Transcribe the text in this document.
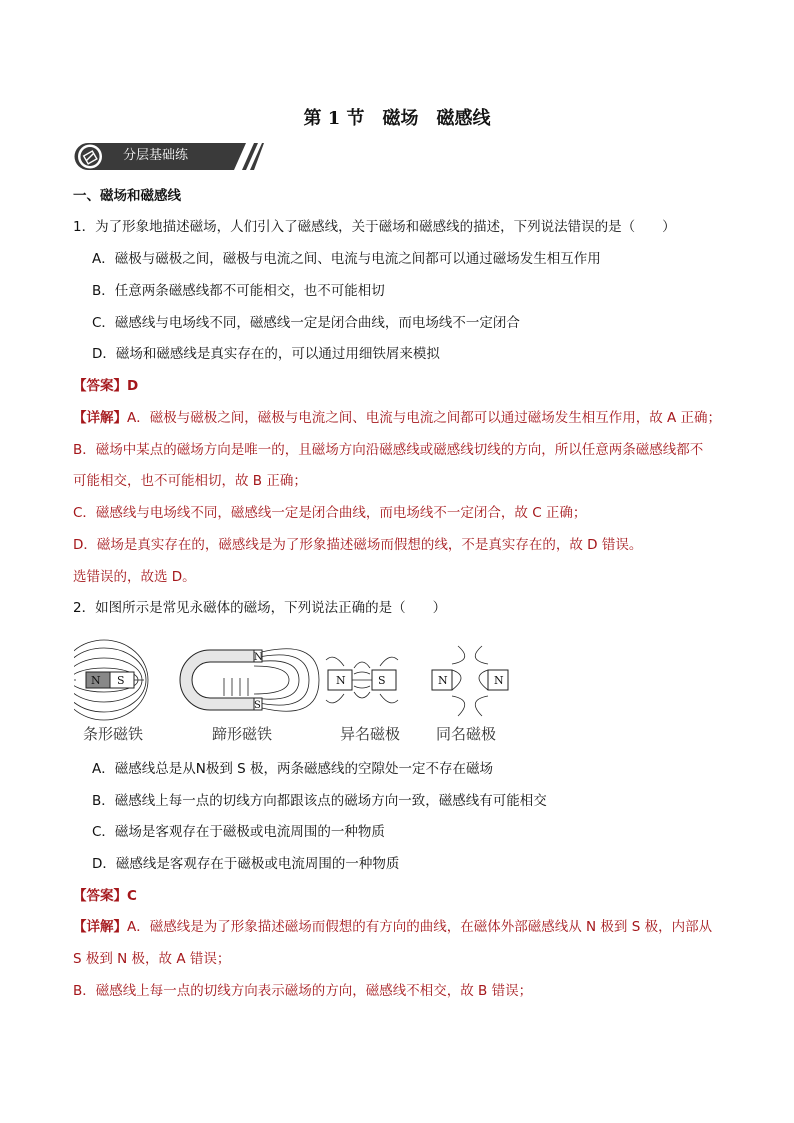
第 1 节　磁场　磁感线
分层基础练
一、磁场和磁感线
1．为了形象地描述磁场，人们引入了磁感线，关于磁场和磁感线的描述，下列说法错误的是（　　）
A．磁极与磁极之间，磁极与电流之间、电流与电流之间都可以通过磁场发生相互作用
B．任意两条磁感线都不可能相交，也不可能相切
C．磁感线与电场线不同，磁感线一定是闭合曲线，而电场线不一定闭合
D．磁场和磁感线是真实存在的，可以通过用细铁屑来模拟
【答案】D
【详解】A．磁极与磁极之间，磁极与电流之间、电流与电流之间都可以通过磁场发生相互作用，故 A 正确；
B．磁场中某点的磁场方向是唯一的，且磁场方向沿磁感线或磁感线切线的方向，所以任意两条磁感线都不
可能相交，也不可能相切，故 B 正确；
C．磁感线与电场线不同，磁感线一定是闭合曲线，而电场线不一定闭合，故 C 正确；
D．磁场是真实存在的，磁感线是为了形象描述磁场而假想的线，不是真实存在的，故 D 错误。
选错误的，故选 D。
2．如图所示是常见永磁体的磁场，下列说法正确的是（　　）
N S
N
S
N	S	N	N
条形磁铁	蹄形磁铁	异名磁极 同名磁极
A．磁感线总是从N极到 S 极，两条磁感线的空隙处一定不存在磁场
B．磁感线上每一点的切线方向都跟该点的磁场方向一致，磁感线有可能相交
C．磁场是客观存在于磁极或电流周围的一种物质
D．磁感线是客观存在于磁极或电流周围的一种物质
【答案】C
【详解】A．磁感线是为了形象描述磁场而假想的有方向的曲线，在磁体外部磁感线从 N 极到 S 极，内部从
S 极到 N 极，故 A 错误；
B．磁感线上每一点的切线方向表示磁场的方向，磁感线不相交，故 B 错误；
